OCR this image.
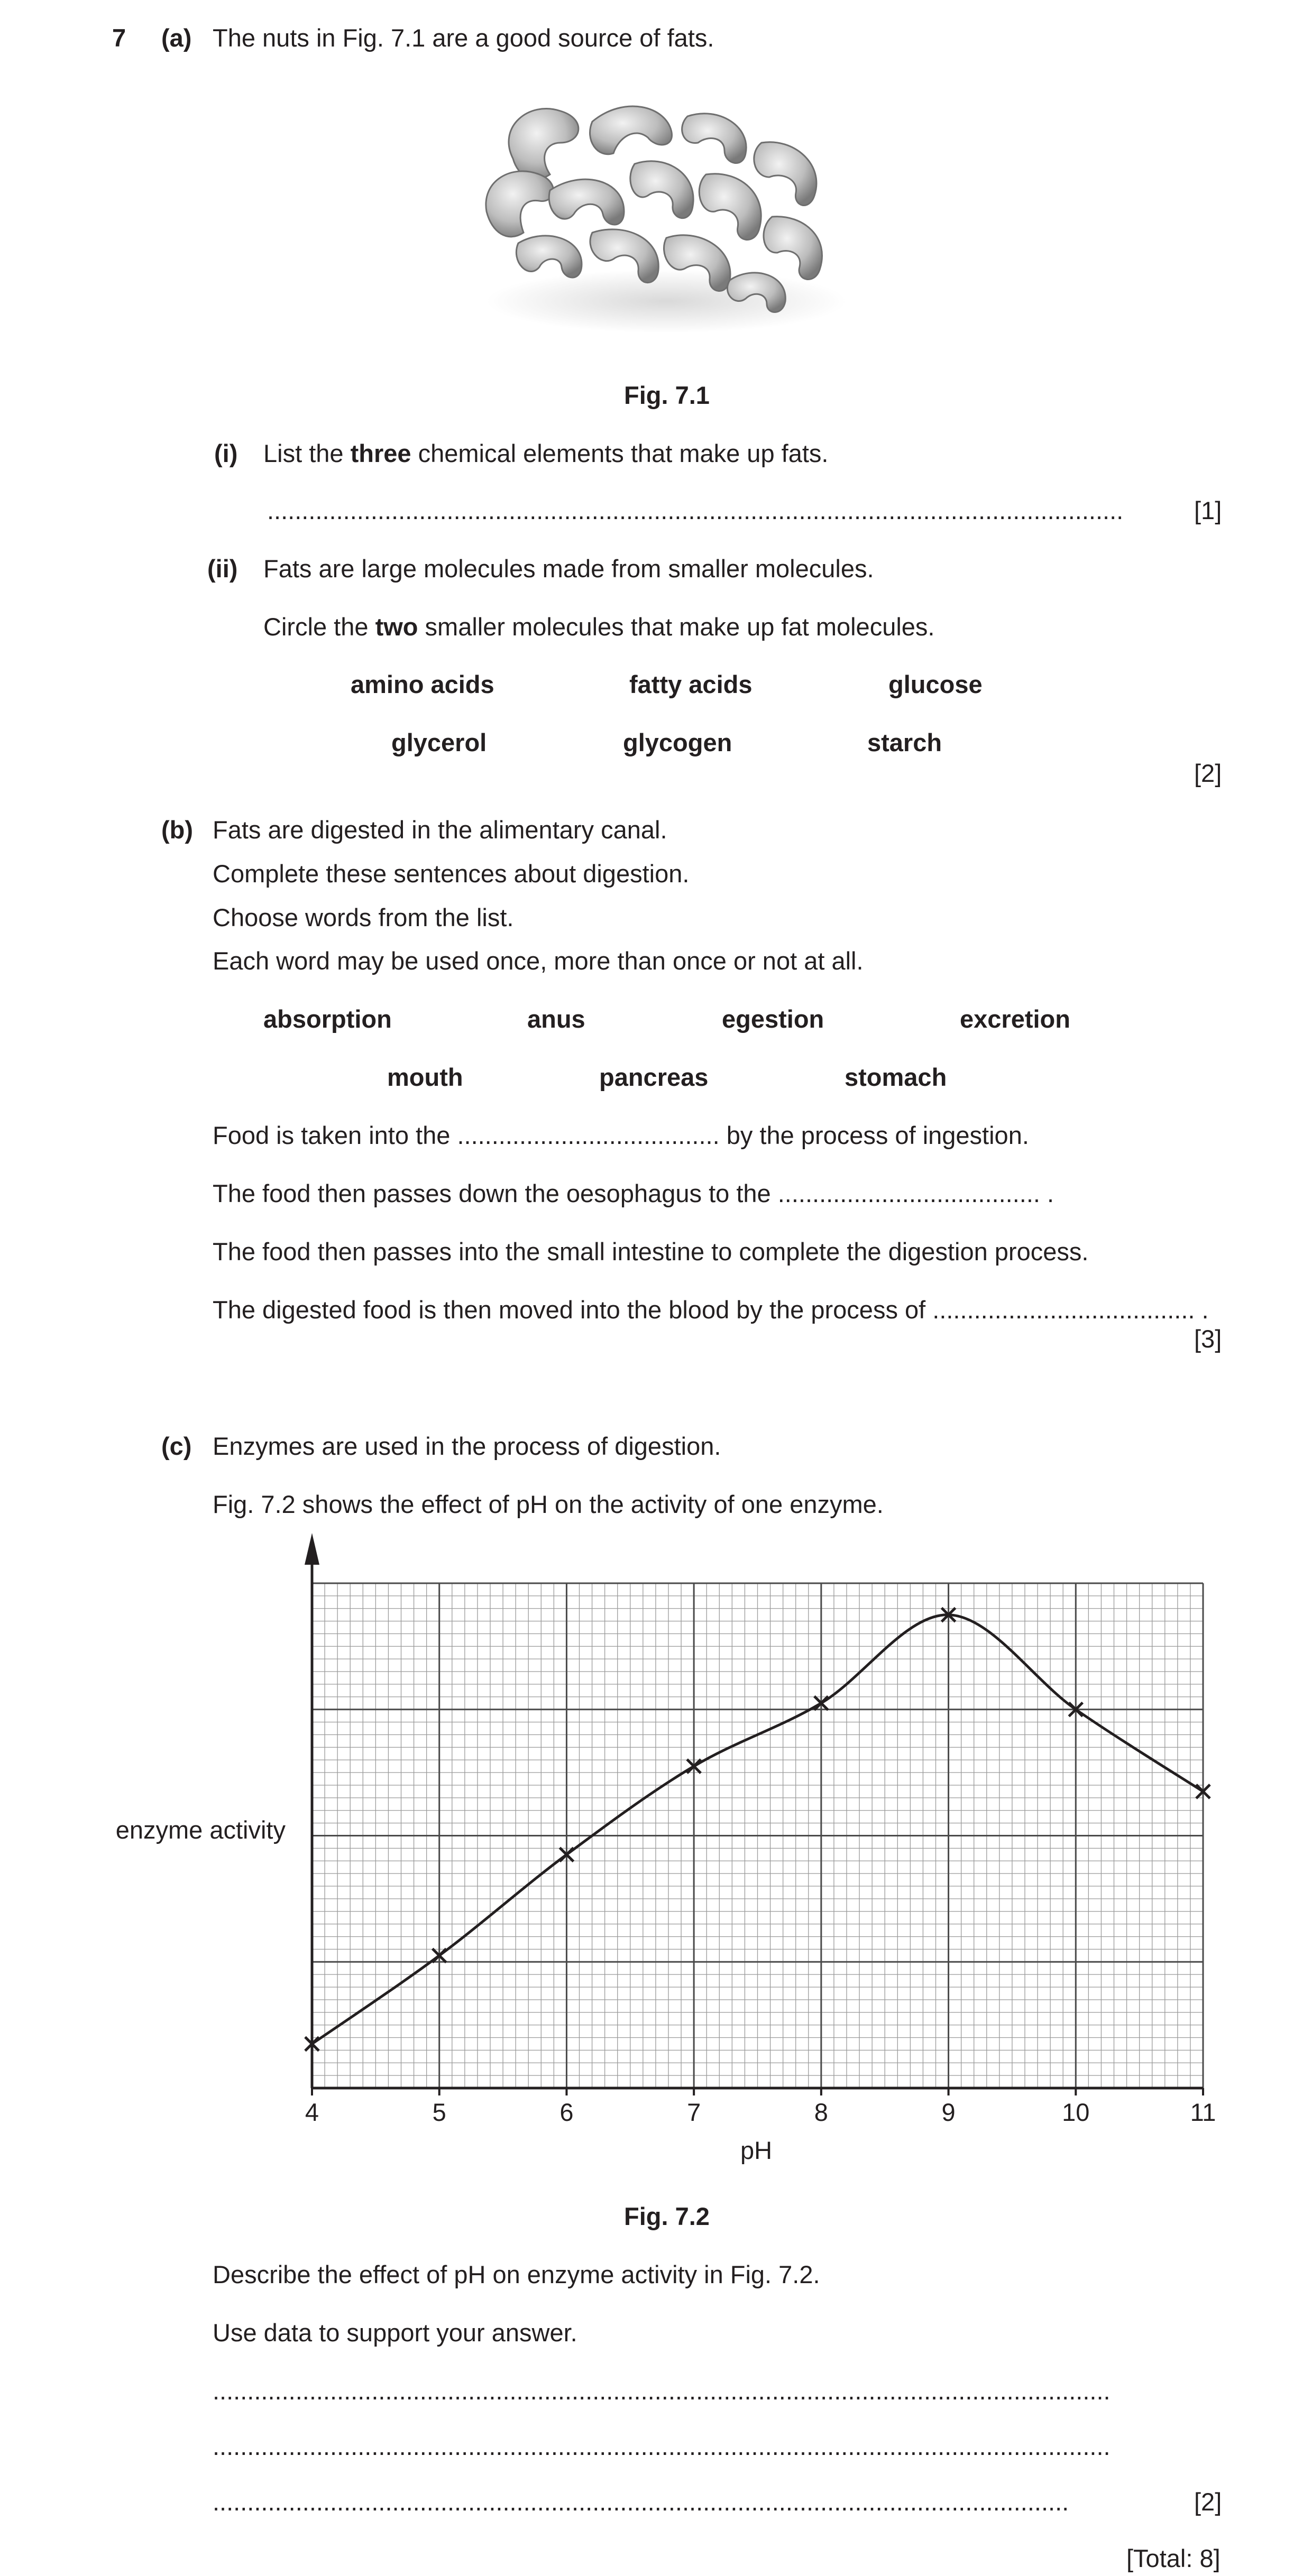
7 (a) The nuts in Fig. 7.1 are a good source of fats.
Fig. 7.1
(i) List the three chemical elements that make up fats.
............................................................................................................................	[1]
(ii) Fats are large molecules made from smaller molecules.
Circle the two smaller molecules that make up fat molecules.
amino acids	fatty acids	glucose
glycerol	glycogen	starch
[2]
(b) Fats are digested in the alimentary canal.
Complete these sentences about digestion.
Choose words from the list.
Each word may be used once, more than once or not at all.
absorption	anus	egestion	excretion
mouth	pancreas	stomach
Food is taken into the ...................................... by the process of ingestion.
The food then passes down the oesophagus to the ...................................... .
The food then passes into the small intestine to complete the digestion process.
The digested food is then moved into the blood by the process of ...................................... .
[3]
(c) Enzymes are used in the process of digestion.
Fig. 7.2 shows the effect of pH on the activity of one enzyme.
4	5	6	7	8	9	10	11
enzyme activity
pH
Fig. 7.2
Describe the effect of pH on enzyme activity in Fig. 7.2.
Use data to support your answer.
..................................................................................................................................
..................................................................................................................................
............................................................................................................................	[2]
[Total: 8]
